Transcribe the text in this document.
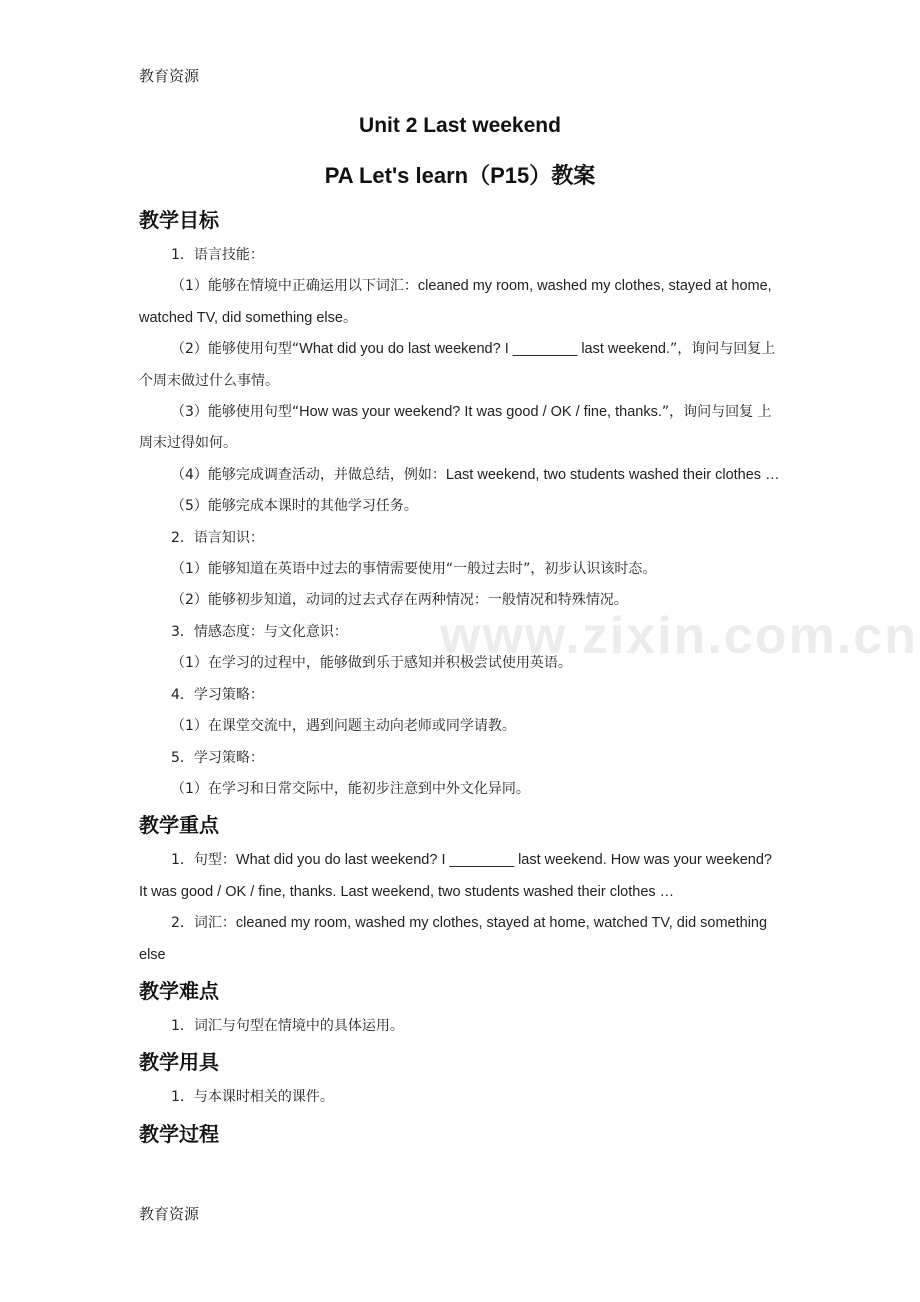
www.zixin.com.cn
教育资源
Unit 2 Last weekend
PA Let's learn（P15）教案
教学目标

1．语言技能：

（1）能够在情境中正确运用以下词汇：cleaned my room, washed my clothes, stayed at home, watched TV, did something else。

（2）能够使用句型“What did you do last weekend? I ________ last weekend.”，询问与回复上个周末做过什么事情。

（3）能够使用句型“How was your weekend? It was good / OK / fine, thanks.”，询问与回复 上周末过得如何。

（4）能够完成调查活动，并做总结，例如：Last weekend, two students washed their clothes …

（5）能够完成本课时的其他学习任务。

2．语言知识：

（1）能够知道在英语中过去的事情需要使用“一般过去时”，初步认识该时态。

（2）能够初步知道，动词的过去式存在两种情况：一般情况和特殊情况。

3．情感态度：与文化意识：

（1）在学习的过程中，能够做到乐于感知并积极尝试使用英语。

4．学习策略：

（1）在课堂交流中，遇到问题主动向老师或同学请教。

5．学习策略：

（1）在学习和日常交际中，能初步注意到中外文化异同。

教学重点

1．句型：What did you do last weekend? I ________ last weekend. How was your weekend? It was good / OK / fine, thanks. Last weekend, two students washed their clothes …

2．词汇：cleaned my room, washed my clothes, stayed at home, watched TV, did something else

教学难点

1．词汇与句型在情境中的具体运用。

教学用具

1．与本课时相关的课件。

教学过程
教育资源
